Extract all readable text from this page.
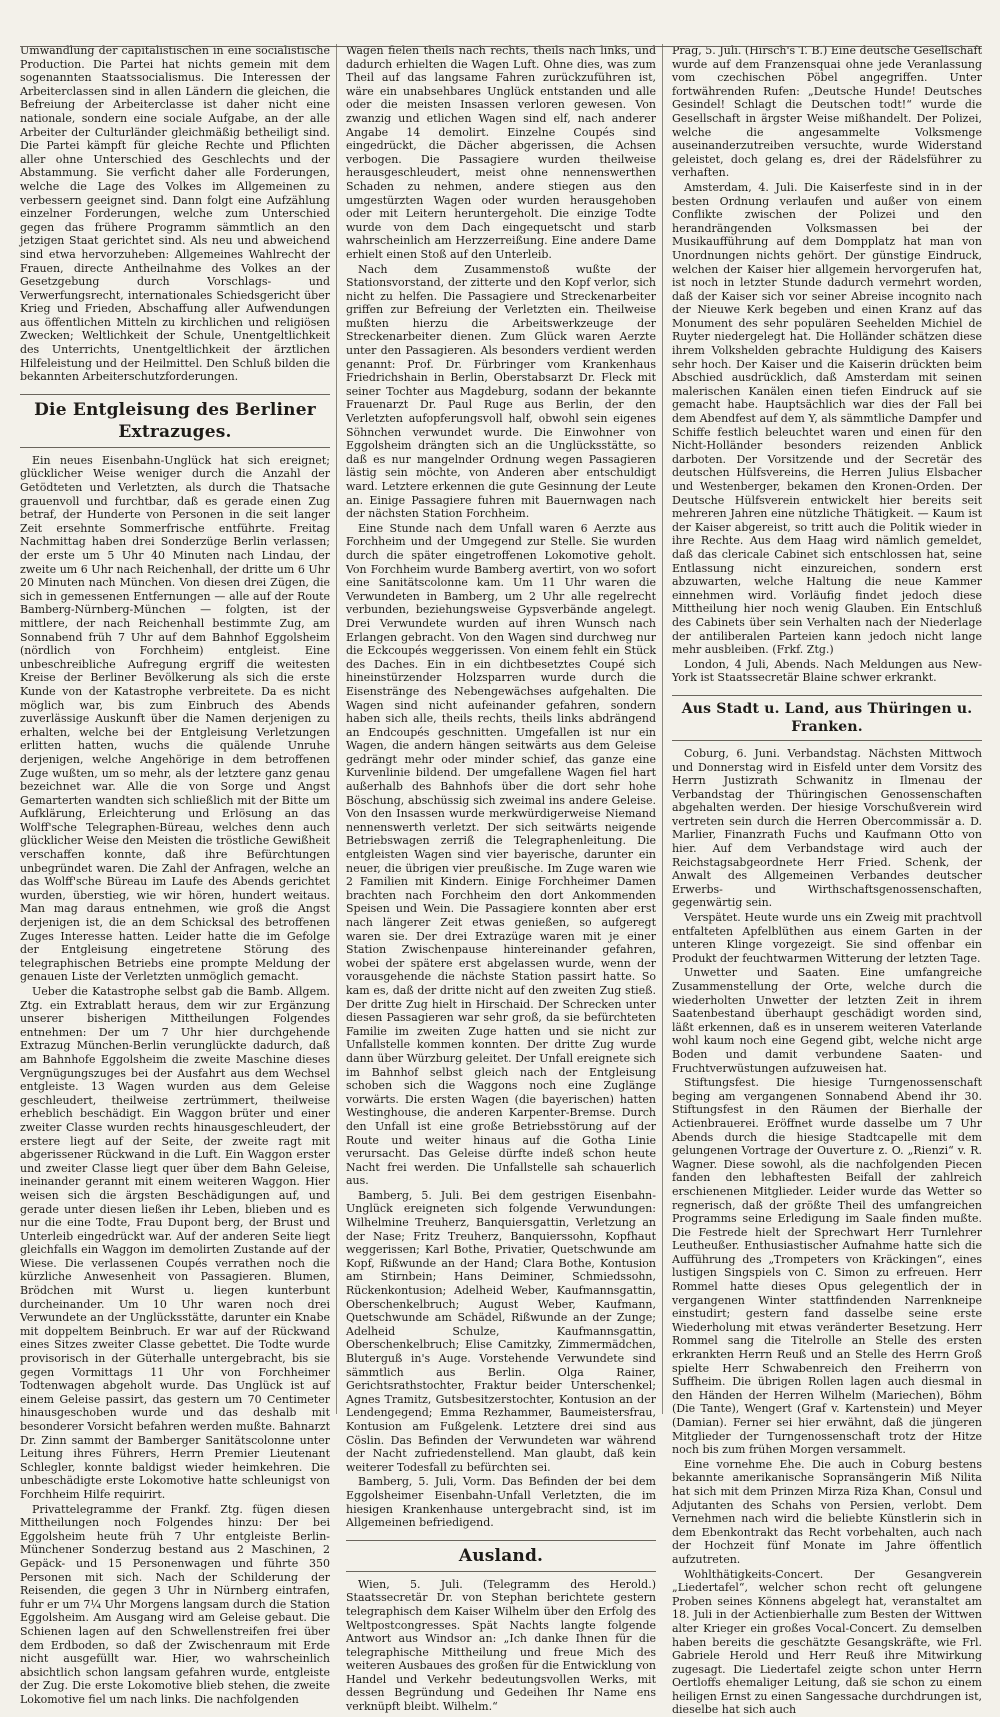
Umwandlung der capitalistischen in eine socialistische Production. Die Partei hat nichts gemein mit dem sogenannten Staatssocialismus. Die Interessen der Arbeiterclassen sind in allen Ländern die gleichen, die Befreiung der Arbeiterclasse ist daher nicht eine nationale, sondern eine sociale Aufgabe, an der alle Arbeiter der Culturländer gleichmäßig betheiligt sind. Die Partei kämpft für gleiche Rechte und Pflichten aller ohne Unterschied des Geschlechts und der Abstammung. Sie verficht daher alle Forderungen, welche die Lage des Volkes im Allgemeinen zu verbessern geeignet sind. Dann folgt eine Aufzählung einzelner Forderungen, welche zum Unterschied gegen das frühere Programm sämmtlich an den jetzigen Staat gerichtet sind. Als neu und abweichend sind etwa hervorzuheben: Allgemeines Wahlrecht der Frauen, directe Antheilnahme des Volkes an der Gesetzgebung durch Vorschlags- und Verwerfungsrecht, internationales Schiedsgericht über Krieg und Frieden, Abschaffung aller Aufwendungen aus öffentlichen Mitteln zu kirchlichen und religiösen Zwecken; Weltlichkeit der Schule, Unentgeltlichkeit des Unterrichts, Unentgeltlichkeit der ärztlichen Hilfeleistung und der Heilmittel. Den Schluß bilden die bekannten Arbeiterschutzforderungen.

Die Entgleisung des Berliner Extrazuges.

Ein neues Eisenbahn-Unglück hat sich ereignet; glücklicher Weise weniger durch die Anzahl der Getödteten und Verletzten, als durch die Thatsache grauenvoll und furchtbar, daß es gerade einen Zug betraf, der Hunderte von Personen in die seit langer Zeit ersehnte Sommerfrische entführte. Freitag Nachmittag haben drei Sonderzüge Berlin verlassen; der erste um 5 Uhr 40 Minuten nach Lindau, der zweite um 6 Uhr nach Reichenhall, der dritte um 6 Uhr 20 Minuten nach München. Von diesen drei Zügen, die sich in gemessenen Entfernungen — alle auf der Route Bamberg-Nürnberg-München — folgten, ist der mittlere, der nach Reichenhall bestimmte Zug, am Sonnabend früh 7 Uhr auf dem Bahnhof Eggolsheim (nördlich von Forchheim) entgleist. Eine unbeschreibliche Aufregung ergriff die weitesten Kreise der Berliner Bevölkerung als sich die erste Kunde von der Katastrophe verbreitete. Da es nicht möglich war, bis zum Einbruch des Abends zuverlässige Auskunft über die Namen derjenigen zu erhalten, welche bei der Entgleisung Verletzungen erlitten hatten, wuchs die quälende Unruhe derjenigen, welche Angehörige in dem betroffenen Zuge wußten, um so mehr, als der letztere ganz genau bezeichnet war. Alle die von Sorge und Angst Gemarterten wandten sich schließlich mit der Bitte um Aufklärung, Erleichterung und Erlösung an das Wolff'sche Telegraphen-Büreau, welches denn auch glücklicher Weise den Meisten die tröstliche Gewißheit verschaffen konnte, daß ihre Befürchtungen unbegründet waren. Die Zahl der Anfragen, welche an das Wolff'sche Büreau im Laufe des Abends gerichtet wurden, überstieg, wie wir hören, hundert weitaus. Man mag daraus entnehmen, wie groß die Angst derjenigen ist, die an dem Schicksal des betroffenen Zuges Interesse hatten. Leider hatte die im Gefolge der Entgleisung eingetretene Störung des telegraphischen Betriebs eine prompte Meldung der genauen Liste der Verletzten unmöglich gemacht.

Ueber die Katastrophe selbst gab die Bamb. Allgem. Ztg. ein Extrablatt heraus, dem wir zur Ergänzung unserer bisherigen Mittheilungen Folgendes entnehmen: Der um 7 Uhr hier durchgehende Extrazug München-Berlin verunglückte dadurch, daß am Bahnhofe Eggolsheim die zweite Maschine dieses Vergnügungszuges bei der Ausfahrt aus dem Wechsel entgleiste. 13 Wagen wurden aus dem Geleise geschleudert, theilweise zertrümmert, theilweise erheblich beschädigt. Ein Waggon brüter und einer zweiter Classe wurden rechts hinausgeschleudert, der erstere liegt auf der Seite, der zweite ragt mit abgerissener Rückwand in die Luft. Ein Waggon erster und zweiter Classe liegt quer über dem Bahn Geleise, ineinander gerannt mit einem weiteren Waggon. Hier weisen sich die ärgsten Beschädigungen auf, und gerade unter diesen ließen ihr Leben, blieben und es nur die eine Todte, Frau Dupont berg, der Brust und Unterleib eingedrückt war. Auf der anderen Seite liegt gleichfalls ein Waggon im demolirten Zustande auf der Wiese. Die verlassenen Coupés verrathen noch die kürzliche Anwesenheit von Passagieren. Blumen, Brödchen mit Wurst u. liegen kunterbunt durcheinander. Um 10 Uhr waren noch drei Verwundete an der Unglücksstätte, darunter ein Knabe mit doppeltem Beinbruch. Er war auf der Rückwand eines Sitzes zweiter Classe gebettet. Die Todte wurde provisorisch in der Güterhalle untergebracht, bis sie gegen Vormittags 11 Uhr von Forchheimer Todtenwagen abgeholt wurde. Das Unglück ist auf einem Geleise passirt, das gestern um 70 Centimeter hinausgeschoben wurde und das deshalb mit besonderer Vorsicht befahren werden mußte. Bahnarzt Dr. Zinn sammt der Bamberger Sanitätscolonne unter Leitung ihres Führers, Herrn Premier Lieutenant Schlegler, konnte baldigst wieder heimkehren. Die unbeschädigte erste Lokomotive hatte schleunigst von Forchheim Hilfe requirirt.

Privattelegramme der Frankf. Ztg. fügen diesen Mittheilungen noch Folgendes hinzu: Der bei Eggolsheim heute früh 7 Uhr entgleiste Berlin-Münchener Sonderzug bestand aus 2 Maschinen, 2 Gepäck- und 15 Personenwagen und führte 350 Personen mit sich. Nach der Schilderung der Reisenden, die gegen 3 Uhr in Nürnberg eintrafen, fuhr er um 7¼ Uhr Morgens langsam durch die Station Eggolsheim. Am Ausgang wird am Geleise gebaut. Die Schienen lagen auf den Schwellenstreifen frei über dem Erdboden, so daß der Zwischenraum mit Erde nicht ausgefüllt war. Hier, wo wahrscheinlich absichtlich schon langsam gefahren wurde, entgleiste der Zug. Die erste Lokomotive blieb stehen, die zweite Lokomotive fiel um nach links. Die nachfolgenden

Wagen fielen theils nach rechts, theils nach links, und dadurch erhielten die Wagen Luft. Ohne dies, was zum Theil auf das langsame Fahren zurückzuführen ist, wäre ein unabsehbares Unglück entstanden und alle oder die meisten Insassen verloren gewesen. Von zwanzig und etlichen Wagen sind elf, nach anderer Angabe 14 demolirt. Einzelne Coupés sind eingedrückt, die Dächer abgerissen, die Achsen verbogen. Die Passagiere wurden theilweise herausgeschleudert, meist ohne nennenswerthen Schaden zu nehmen, andere stiegen aus den umgestürzten Wagen oder wurden herausgehoben oder mit Leitern heruntergeholt. Die einzige Todte wurde von dem Dach eingequetscht und starb wahrscheinlich am Herzzerreißung. Eine andere Dame erhielt einen Stoß auf den Unterleib.

Nach dem Zusammenstoß wußte der Stationsvorstand, der zitterte und den Kopf verlor, sich nicht zu helfen. Die Passagiere und Streckenarbeiter griffen zur Befreiung der Verletzten ein. Theilweise mußten hierzu die Arbeitswerkzeuge der Streckenarbeiter dienen. Zum Glück waren Aerzte unter den Passagieren. Als besonders verdient werden genannt: Prof. Dr. Fürbringer vom Krankenhaus Friedrichshain in Berlin, Oberstabsarzt Dr. Fleck mit seiner Tochter aus Magdeburg, sodann der bekannte Frauenarzt Dr. Paul Ruge aus Berlin, der den Verletzten aufopferungsvoll half, obwohl sein eigenes Söhnchen verwundet wurde. Die Einwohner von Eggolsheim drängten sich an die Unglücksstätte, so daß es nur mangelnder Ordnung wegen Passagieren lästig sein möchte, von Anderen aber entschuldigt ward. Letztere erkennen die gute Gesinnung der Leute an. Einige Passagiere fuhren mit Bauernwagen nach der nächsten Station Forchheim.

Eine Stunde nach dem Unfall waren 6 Aerzte aus Forchheim und der Umgegend zur Stelle. Sie wurden durch die später eingetroffenen Lokomotive geholt. Von Forchheim wurde Bamberg avertirt, von wo sofort eine Sanitätscolonne kam. Um 11 Uhr waren die Verwundeten in Bamberg, um 2 Uhr alle regelrecht verbunden, beziehungsweise Gypsverbände angelegt. Drei Verwundete wurden auf ihren Wunsch nach Erlangen gebracht. Von den Wagen sind durchweg nur die Eckcoupés weggerissen. Von einem fehlt ein Stück des Daches. Ein in ein dichtbesetztes Coupé sich hineinstürzender Holzsparren wurde durch die Eisenstränge des Nebengewächses aufgehalten. Die Wagen sind nicht aufeinander gefahren, sondern haben sich alle, theils rechts, theils links abdrängend an Endcoupés geschnitten. Umgefallen ist nur ein Wagen, die andern hängen seitwärts aus dem Geleise gedrängt mehr oder minder schief, das ganze eine Kurvenlinie bildend. Der umgefallene Wagen fiel hart außerhalb des Bahnhofs über die dort sehr hohe Böschung, abschüssig sich zweimal ins andere Geleise. Von den Insassen wurde merkwürdigerweise Niemand nennenswerth verletzt. Der sich seitwärts neigende Betriebswagen zerriß die Telegraphenleitung. Die entgleisten Wagen sind vier bayerische, darunter ein neuer, die übrigen vier preußische. Im Zuge waren wie 2 Familien mit Kindern. Einige Forchheimer Damen brachten nach Forchheim den dort Ankommenden Speisen und Wein. Die Passagiere konnten aber erst nach längerer Zeit etwas genießen, so aufgeregt waren sie. Der drei Extrazüge waren mit je einer Station Zwischenpause hintereinander gefahren, wobei der spätere erst abgelassen wurde, wenn der vorausgehende die nächste Station passirt hatte. So kam es, daß der dritte nicht auf den zweiten Zug stieß. Der dritte Zug hielt in Hirschaid. Der Schrecken unter diesen Passagieren war sehr groß, da sie befürchteten Familie im zweiten Zuge hatten und sie nicht zur Unfallstelle kommen konnten. Der dritte Zug wurde dann über Würzburg geleitet. Der Unfall ereignete sich im Bahnhof selbst gleich nach der Entgleisung schoben sich die Waggons noch eine Zuglänge vorwärts. Die ersten Wagen (die bayerischen) hatten Westinghouse, die anderen Karpenter-Bremse. Durch den Unfall ist eine große Betriebsstörung auf der Route und weiter hinaus auf die Gotha Linie verursacht. Das Geleise dürfte indeß schon heute Nacht frei werden. Die Unfallstelle sah schauerlich aus.

Bamberg, 5. Juli. Bei dem gestrigen Eisenbahn-Unglück ereigneten sich folgende Verwundungen: Wilhelmine Treuherz, Banquiersgattin, Verletzung an der Nase; Fritz Treuherz, Banquierssohn, Kopfhaut weggerissen; Karl Bothe, Privatier, Quetschwunde am Kopf, Rißwunde an der Hand; Clara Bothe, Kontusion am Stirnbein; Hans Deiminer, Schmiedssohn, Rückenkontusion; Adelheid Weber, Kaufmannsgattin, Oberschenkelbruch; August Weber, Kaufmann, Quetschwunde am Schädel, Rißwunde an der Zunge; Adelheid Schulze, Kaufmannsgattin, Oberschenkelbruch; Elise Camitzky, Zimmermädchen, Bluterguß in's Auge. Vorstehende Verwundete sind sämmtlich aus Berlin. Olga Rainer, Gerichtsrathstochter, Fraktur beider Unterschenkel; Agnes Tramitz, Gutsbesitzerstochter, Kontusion an der Lendengegend; Emma Rezhammer, Baumeistersfrau, Kontusion am Fußgelenk. Letztere drei sind aus Cöslin. Das Befinden der Verwundeten war während der Nacht zufriedenstellend. Man glaubt, daß kein weiterer Todesfall zu befürchten sei.

Bamberg, 5. Juli, Vorm. Das Befinden der bei dem Eggolsheimer Eisenbahn-Unfall Verletzten, die im hiesigen Krankenhause untergebracht sind, ist im Allgemeinen befriedigend.

Ausland.

Wien, 5. Juli. (Telegramm des Herold.) Staatssecretär Dr. von Stephan berichtete gestern telegraphisch dem Kaiser Wilhelm über den Erfolg des Weltpostcongresses. Spät Nachts langte folgende Antwort aus Windsor an: „Ich danke Ihnen für die telegraphische Mittheilung und freue Mich des weiteren Ausbaues des großen für die Entwicklung von Handel und Verkehr bedeutungsvollen Werks, mit dessen Begründung und Gedeihen Ihr Name ens verknüpft bleibt. Wilhelm.“

Prag, 5. Juli. (Hirsch's T. B.) Eine deutsche Gesellschaft wurde auf dem Franzensquai ohne jede Veranlassung vom czechischen Pöbel angegriffen. Unter fortwährenden Rufen: „Deutsche Hunde! Deutsches Gesindel! Schlagt die Deutschen todt!“ wurde die Gesellschaft in ärgster Weise mißhandelt. Der Polizei, welche die angesammelte Volksmenge auseinanderzutreiben versuchte, wurde Widerstand geleistet, doch gelang es, drei der Rädelsführer zu verhaften.

Amsterdam, 4. Juli. Die Kaiserfeste sind in in der besten Ordnung verlaufen und außer von einem Conflikte zwischen der Polizei und den herandrängenden Volksmassen bei der Musikaufführung auf dem Dompplatz hat man von Unordnungen nichts gehört. Der günstige Eindruck, welchen der Kaiser hier allgemein hervorgerufen hat, ist noch in letzter Stunde dadurch vermehrt worden, daß der Kaiser sich vor seiner Abreise incognito nach der Nieuwe Kerk begeben und einen Kranz auf das Monument des sehr populären Seehelden Michiel de Ruyter niedergelegt hat. Die Holländer schätzen diese ihrem Volkshelden gebrachte Huldigung des Kaisers sehr hoch. Der Kaiser und die Kaiserin drückten beim Abschied ausdrücklich, daß Amsterdam mit seinen malerischen Kanälen einen tiefen Eindruck auf sie gemacht habe. Hauptsächlich war dies der Fall bei dem Abendfest auf dem Y, als sämmtliche Dampfer und Schiffe festlich beleuchtet waren und einen für den Nicht-Holländer besonders reizenden Anblick darboten. Der Vorsitzende und der Secretär des deutschen Hülfsvereins, die Herren Julius Elsbacher und Westenberger, bekamen den Kronen-Orden. Der Deutsche Hülfsverein entwickelt hier bereits seit mehreren Jahren eine nützliche Thätigkeit. — Kaum ist der Kaiser abgereist, so tritt auch die Politik wieder in ihre Rechte. Aus dem Haag wird nämlich gemeldet, daß das clericale Cabinet sich entschlossen hat, seine Entlassung nicht einzureichen, sondern erst abzuwarten, welche Haltung die neue Kammer einnehmen wird. Vorläufig findet jedoch diese Mittheilung hier noch wenig Glauben. Ein Entschluß des Cabinets über sein Verhalten nach der Niederlage der antiliberalen Parteien kann jedoch nicht lange mehr ausbleiben. (Frkf. Ztg.)

London, 4 Juli, Abends. Nach Meldungen aus New-York ist Staatssecretär Blaine schwer erkrankt.

Aus Stadt u. Land, aus Thüringen u. Franken.

Coburg, 6. Juni. Verbandstag. Nächsten Mittwoch und Donnerstag wird in Eisfeld unter dem Vorsitz des Herrn Justizrath Schwanitz in Ilmenau der Verbandstag der Thüringischen Genossenschaften abgehalten werden. Der hiesige Vorschußverein wird vertreten sein durch die Herren Obercommissär a. D. Marlier, Finanzrath Fuchs und Kaufmann Otto von hier. Auf dem Verbandstage wird auch der Reichstagsabgeordnete Herr Fried. Schenk, der Anwalt des Allgemeinen Verbandes deutscher Erwerbs- und Wirthschaftsgenossenschaften, gegenwärtig sein.

Verspätet. Heute wurde uns ein Zweig mit prachtvoll entfalteten Apfelblüthen aus einem Garten in der unteren Klinge vorgezeigt. Sie sind offenbar ein Produkt der feuchtwarmen Witterung der letzten Tage.

Unwetter und Saaten. Eine umfangreiche Zusammenstellung der Orte, welche durch die wiederholten Unwetter der letzten Zeit in ihrem Saatenbestand überhaupt geschädigt worden sind, läßt erkennen, daß es in unserem weiteren Vaterlande wohl kaum noch eine Gegend gibt, welche nicht arge Boden und damit verbundene Saaten- und Fruchtverwüstungen aufzuweisen hat.

Stiftungsfest. Die hiesige Turngenossenschaft beging am vergangenen Sonnabend Abend ihr 30. Stiftungsfest in den Räumen der Bierhalle der Actienbrauerei. Eröffnet wurde dasselbe um 7 Uhr Abends durch die hiesige Stadtcapelle mit dem gelungenen Vortrage der Ouverture z. O. „Rienzi“ v. R. Wagner. Diese sowohl, als die nachfolgenden Piecen fanden den lebhaftesten Beifall der zahlreich erschienenen Mitglieder. Leider wurde das Wetter so regnerisch, daß der größte Theil des umfangreichen Programms seine Erledigung im Saale finden mußte. Die Festrede hielt der Sprechwart Herr Turnlehrer Leutheußer. Enthusiastischer Aufnahme hatte sich die Aufführung des „Trompeters von Kräckingen“, eines lustigen Singspiels von C. Simon zu erfreuen. Herr Rommel hatte dieses Opus gelegentlich der in vergangenen Winter stattfindenden Narrenkneipe einstudirt; gestern fand dasselbe seine erste Wiederholung mit etwas veränderter Besetzung. Herr Rommel sang die Titelrolle an Stelle des ersten erkrankten Herrn Reuß und an Stelle des Herrn Groß spielte Herr Schwabenreich den Freiherrn von Suffheim. Die übrigen Rollen lagen auch diesmal in den Händen der Herren Wilhelm (Mariechen), Böhm (Die Tante), Wengert (Graf v. Kartenstein) und Meyer (Damian). Ferner sei hier erwähnt, daß die jüngeren Mitglieder der Turngenossenschaft trotz der Hitze noch bis zum frühen Morgen versammelt.

Eine vornehme Ehe. Die auch in Coburg bestens bekannte amerikanische Sopransängerin Miß Nilita hat sich mit dem Prinzen Mirza Riza Khan, Consul und Adjutanten des Schahs von Persien, verlobt. Dem Vernehmen nach wird die beliebte Künstlerin sich in dem Ebenkontrakt das Recht vorbehalten, auch nach der Hochzeit fünf Monate im Jahre öffentlich aufzutreten.

Wohlthätigkeits-Concert. Der Gesangverein „Liedertafel“, welcher schon recht oft gelungene Proben seines Könnens abgelegt hat, veranstaltet am 18. Juli in der Actienbierhalle zum Besten der Wittwen alter Krieger ein großes Vocal-Concert. Zu demselben haben bereits die geschätzte Gesangskräfte, wie Frl. Gabriele Herold und Herr Reuß ihre Mitwirkung zugesagt. Die Liedertafel zeigte schon unter Herrn Oertloffs ehemaliger Leitung, daß sie schon zu einem heiligen Ernst zu einen Sangessache durchdrungen ist, dieselbe hat sich auch
